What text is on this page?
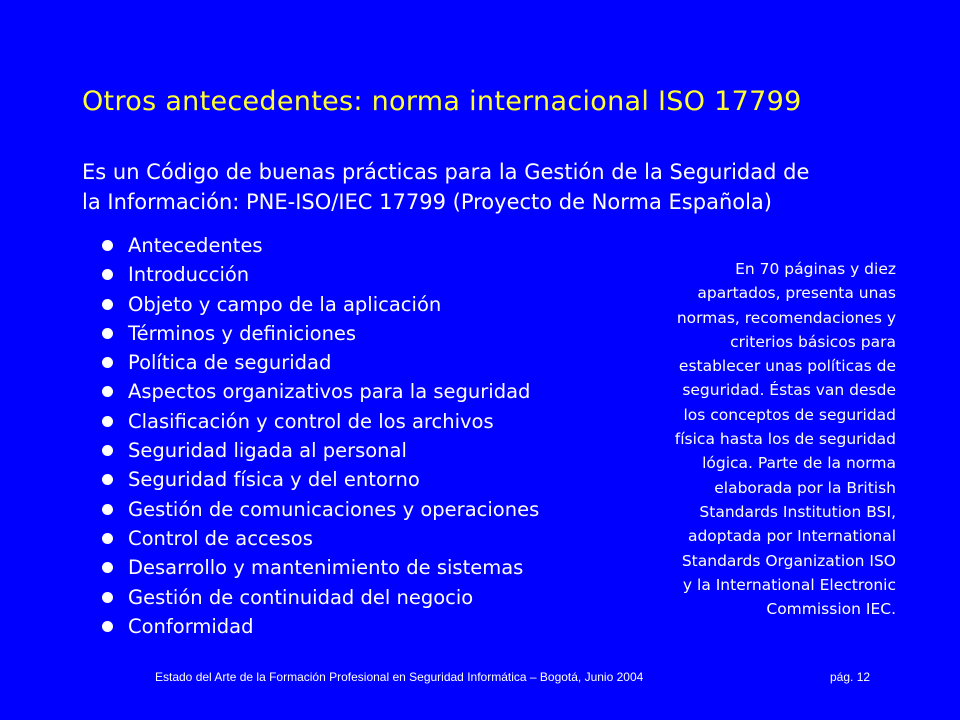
Otros antecedentes: norma internacional ISO 17799
Es un Código de buenas prácticas para la Gestión de la Seguridad de
la Información: PNE-ISO/IEC 17799 (Proyecto de Norma Española)
Antecedentes
Introducción
Objeto y campo de la aplicación
Términos y definiciones
Política de seguridad
Aspectos organizativos para la seguridad
Clasificación y control de los archivos
Seguridad ligada al personal
Seguridad física y del entorno
Gestión de comunicaciones y operaciones
Control de accesos
Desarrollo y mantenimiento de sistemas
Gestión de continuidad del negocio
Conformidad
En 70 páginas y diez
apartados, presenta unas
normas, recomendaciones y
criterios básicos para
establecer unas políticas de
seguridad. Éstas van desde
los conceptos de seguridad
física hasta los de seguridad
lógica. Parte de la norma
elaborada por la British
Standards Institution BSI,
adoptada por International
Standards Organization ISO
y la International Electronic
Commission IEC.
Estado del Arte de la Formación Profesional en Seguridad Informática – Bogotá, Junio 2004	pág. 12
